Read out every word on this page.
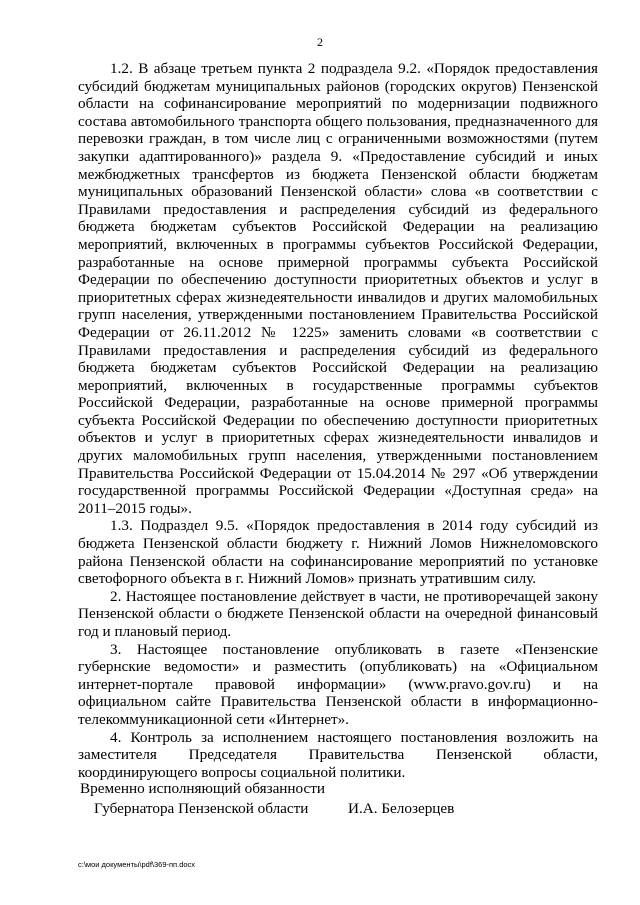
2

1.2. В абзаце третьем пункта 2 подраздела 9.2. «Порядок предоставления субсидий бюджетам муниципальных районов (городских округов) Пензенской области на софинансирование мероприятий по модернизации подвижного состава автомобильного транспорта общего пользования, предназначенного для перевозки граждан, в том числе лиц с ограниченными возможностями (путем закупки адаптированного)» раздела 9. «Предоставление субсидий и иных межбюджетных трансфертов из бюджета Пензенской области бюджетам муниципальных образований Пензенской области» слова «в соответствии с Правилами предоставления и распределения субсидий из федерального бюджета бюджетам субъектов Российской Федерации на реализацию мероприятий, включенных в программы субъектов Российской Федерации, разработанные на основе примерной программы субъекта Российской Федерации по обеспечению доступности приоритетных объектов и услуг в приоритетных сферах жизнедеятельности инвалидов и других маломобильных групп населения, утвержденными постановлением Правительства Российской Федерации от 26.11.2012 № 1225» заменить словами «в соответствии с Правилами предоставления и распределения субсидий из федерального бюджета бюджетам субъектов Российской Федерации на реализацию мероприятий, включенных в государственные программы субъектов Российской Федерации, разработанные на основе примерной программы субъекта Российской Федерации по обеспечению доступности приоритетных объектов и услуг в приоритетных сферах жизнедеятельности инвалидов и других маломобильных групп населения, утвержденными постановлением Правительства Российской Федерации от 15.04.2014 № 297 «Об утверждении государственной программы Российской Федерации «Доступная среда» на 2011–2015 годы».

1.3. Подраздел 9.5. «Порядок предоставления в 2014 году субсидий из бюджета Пензенской области бюджету г. Нижний Ломов Нижнеломовского района Пензенской области на софинансирование мероприятий по установке светофорного объекта в г. Нижний Ломов» признать утратившим силу.

2. Настоящее постановление действует в части, не противоречащей закону Пензенской области о бюджете Пензенской области на очередной финансовый год и плановый период.

3. Настоящее постановление опубликовать в газете «Пензенские губернские ведомости» и разместить (опубликовать) на «Официальном интернет-портале правовой информации» (www.pravo.gov.ru) и на официальном сайте Правительства Пензенской области в информационно-телекоммуникационной сети «Интернет».

4. Контроль за исполнением настоящего постановления возложить на заместителя Председателя Правительства Пензенской области, координирующего вопросы социальной политики.

Временно исполняющий обязанности
Губернатора Пензенской области	И.А. Белозерцев
c:\мои документы\pdf\369-пп.docx
